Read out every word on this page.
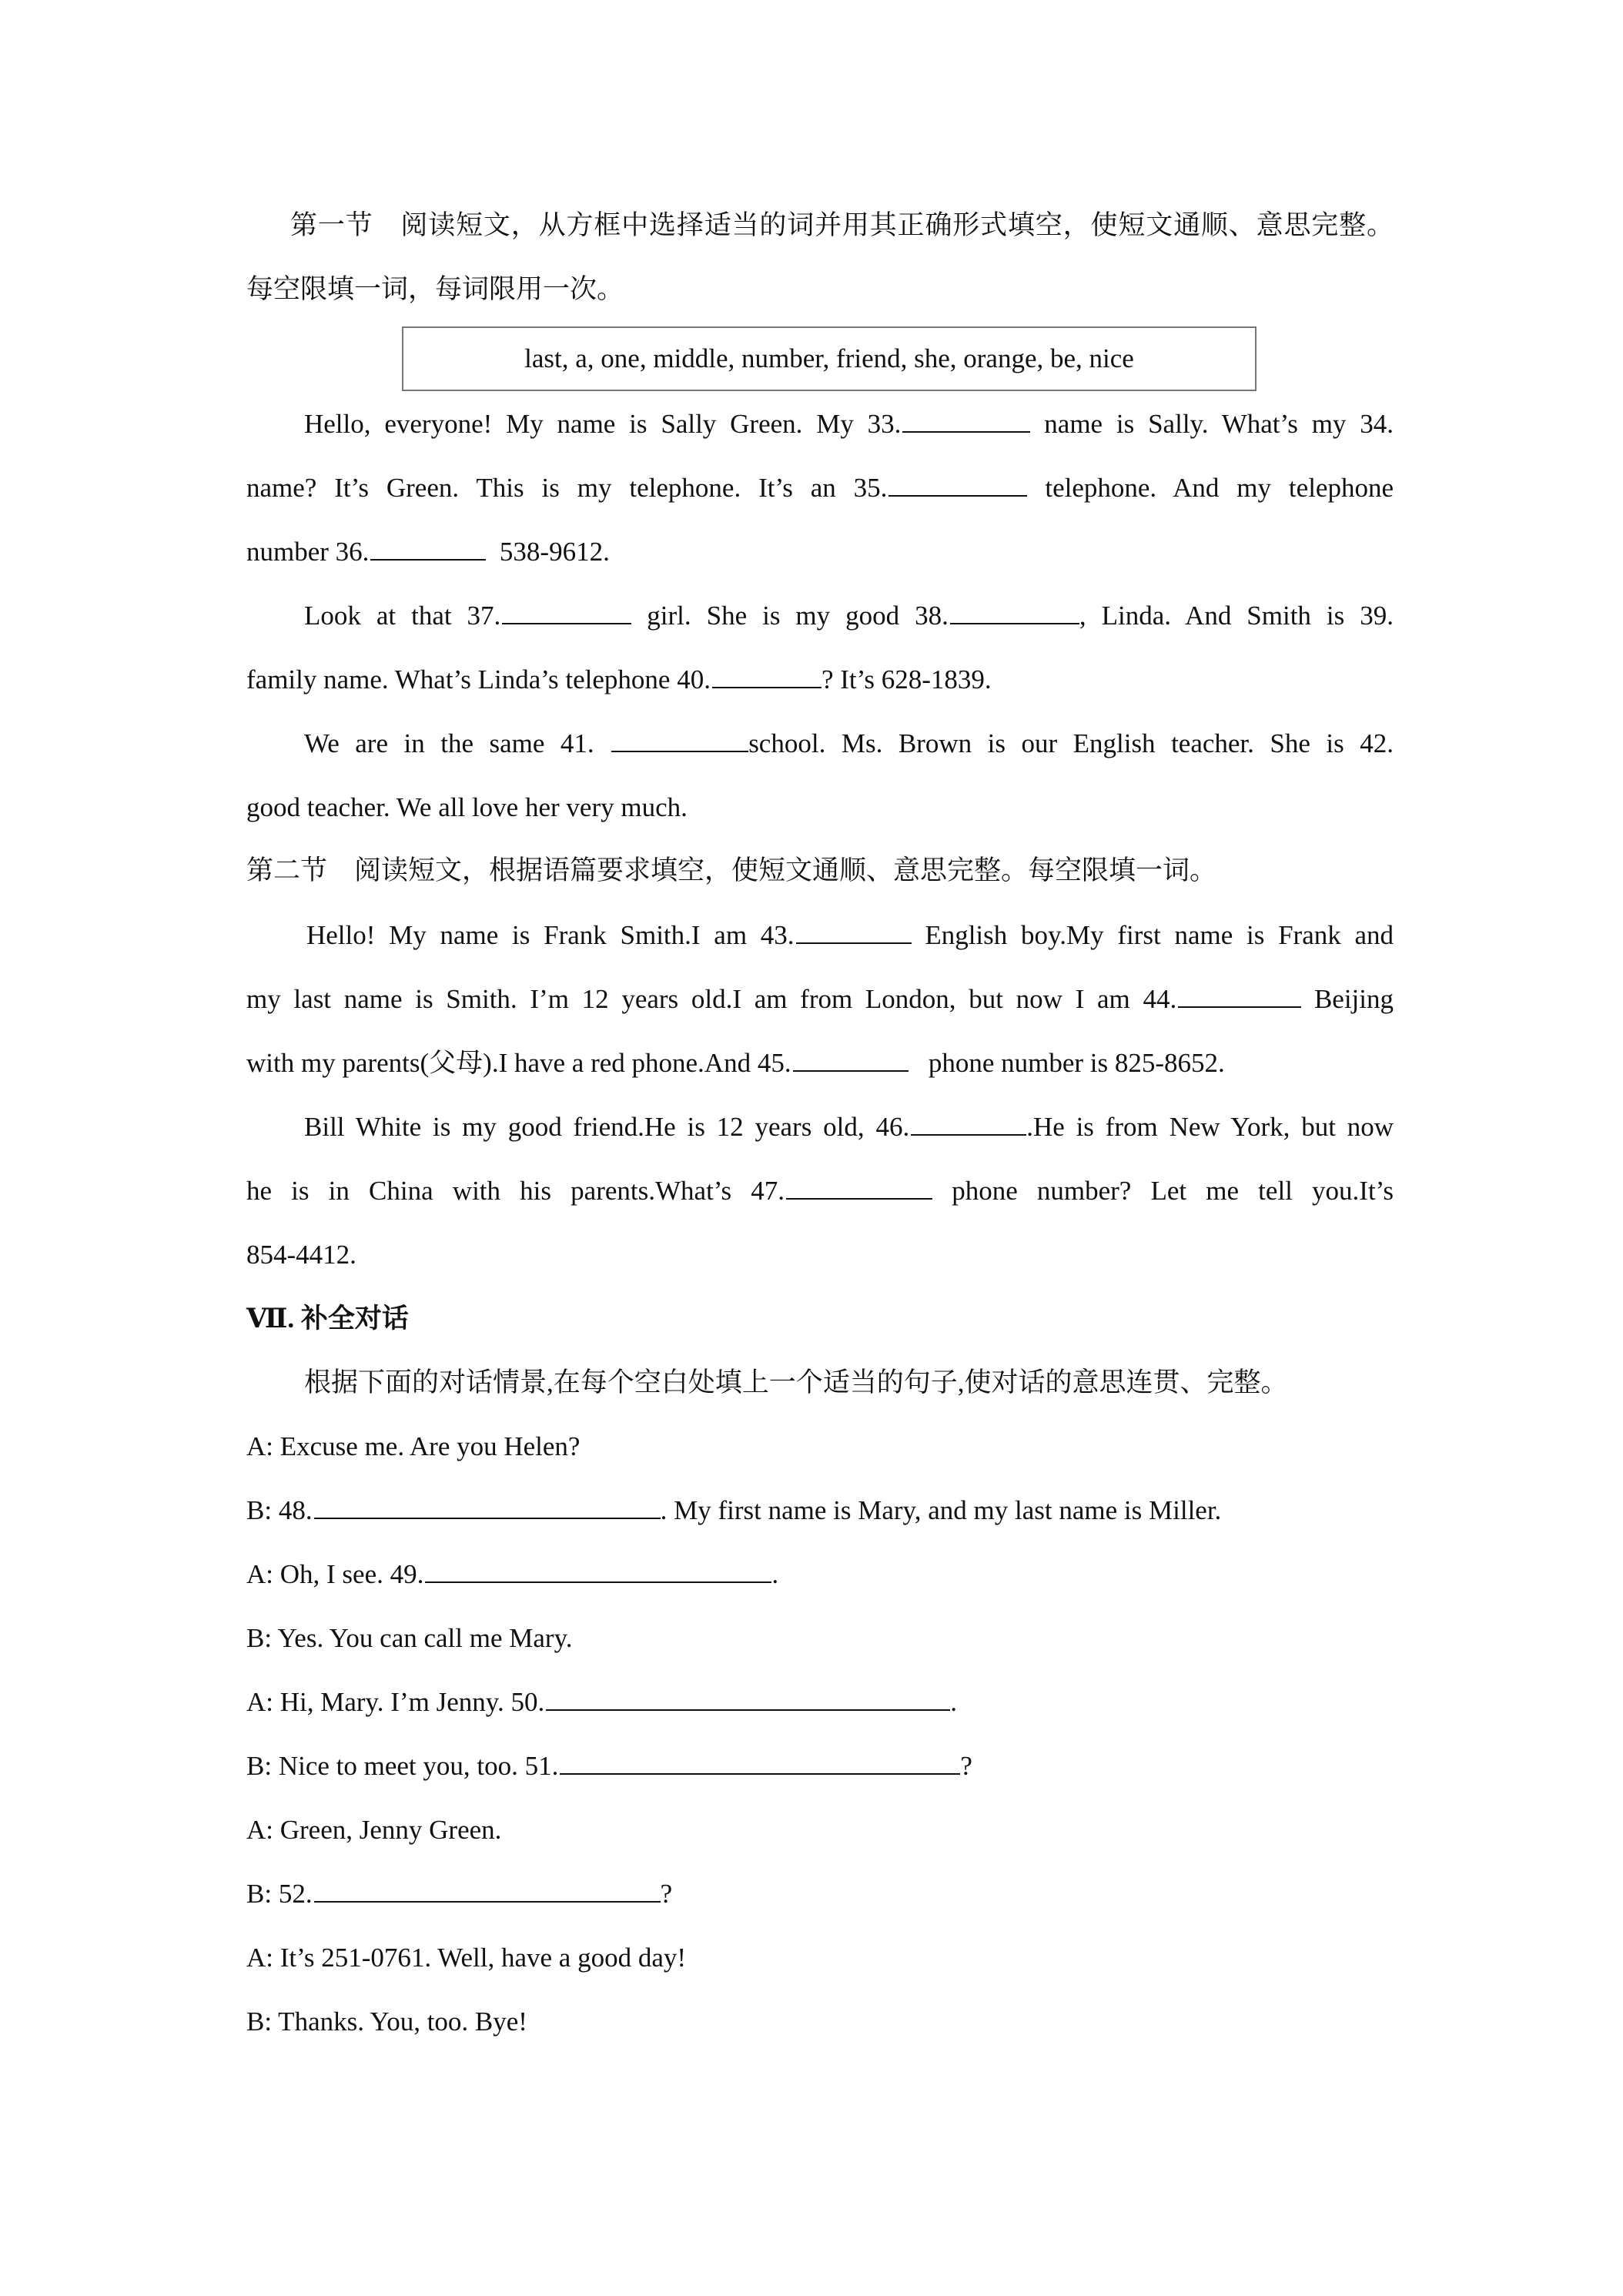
第一节　阅读短文，从方框中选择适当的词并用其正确形式填空，使短文通顺、意思完整。
每空限填一词，每词限用一次。
last, a, one, middle, number, friend, she, orange, be, nice
Hello, everyone! My name is Sally Green. My 33.	name is Sally. What’s my 34.
name? It’s Green. This is my telephone. It’s an 35.	telephone. And my telephone
number 36.	538-9612.
Look at that 37.	girl. She is my good 38.	, Linda. And Smith is 39.
family name. What’s Linda’s telephone 40.	? It’s 628-1839.
We are in the same 41.	school. Ms. Brown is our English teacher. She is 42.
good teacher. We all love her very much.
第二节　阅读短文，根据语篇要求填空，使短文通顺、意思完整。每空限填一词。
Hello! My name is Frank Smith.I am 43.	English boy.My first name is Frank and
my last name is Smith. I’m 12 years old.I am from London, but now I am 44.	Beijing
with my parents(父母).I have a red phone.And 45.	phone number is 825-8652.
Bill White is my good friend.He is 12 years old, 46.	.He is from New York, but now
he is in China with his parents.What’s 47.	phone number? Let me tell you.It’s
854-4412.
Ⅶ. 补全对话
根据下面的对话情景,在每个空白处填上一个适当的句子,使对话的意思连贯、完整。
A: Excuse me. Are you Helen?
B: 48.	. My first name is Mary, and my last name is Miller.
A: Oh, I see. 49.	.
B: Yes. You can call me Mary.
A: Hi, Mary. I’m Jenny. 50.	.
B: Nice to meet you, too. 51.	?
A: Green, Jenny Green.
B: 52.	?
A: It’s 251-0761. Well, have a good day!
B: Thanks. You, too. Bye!
